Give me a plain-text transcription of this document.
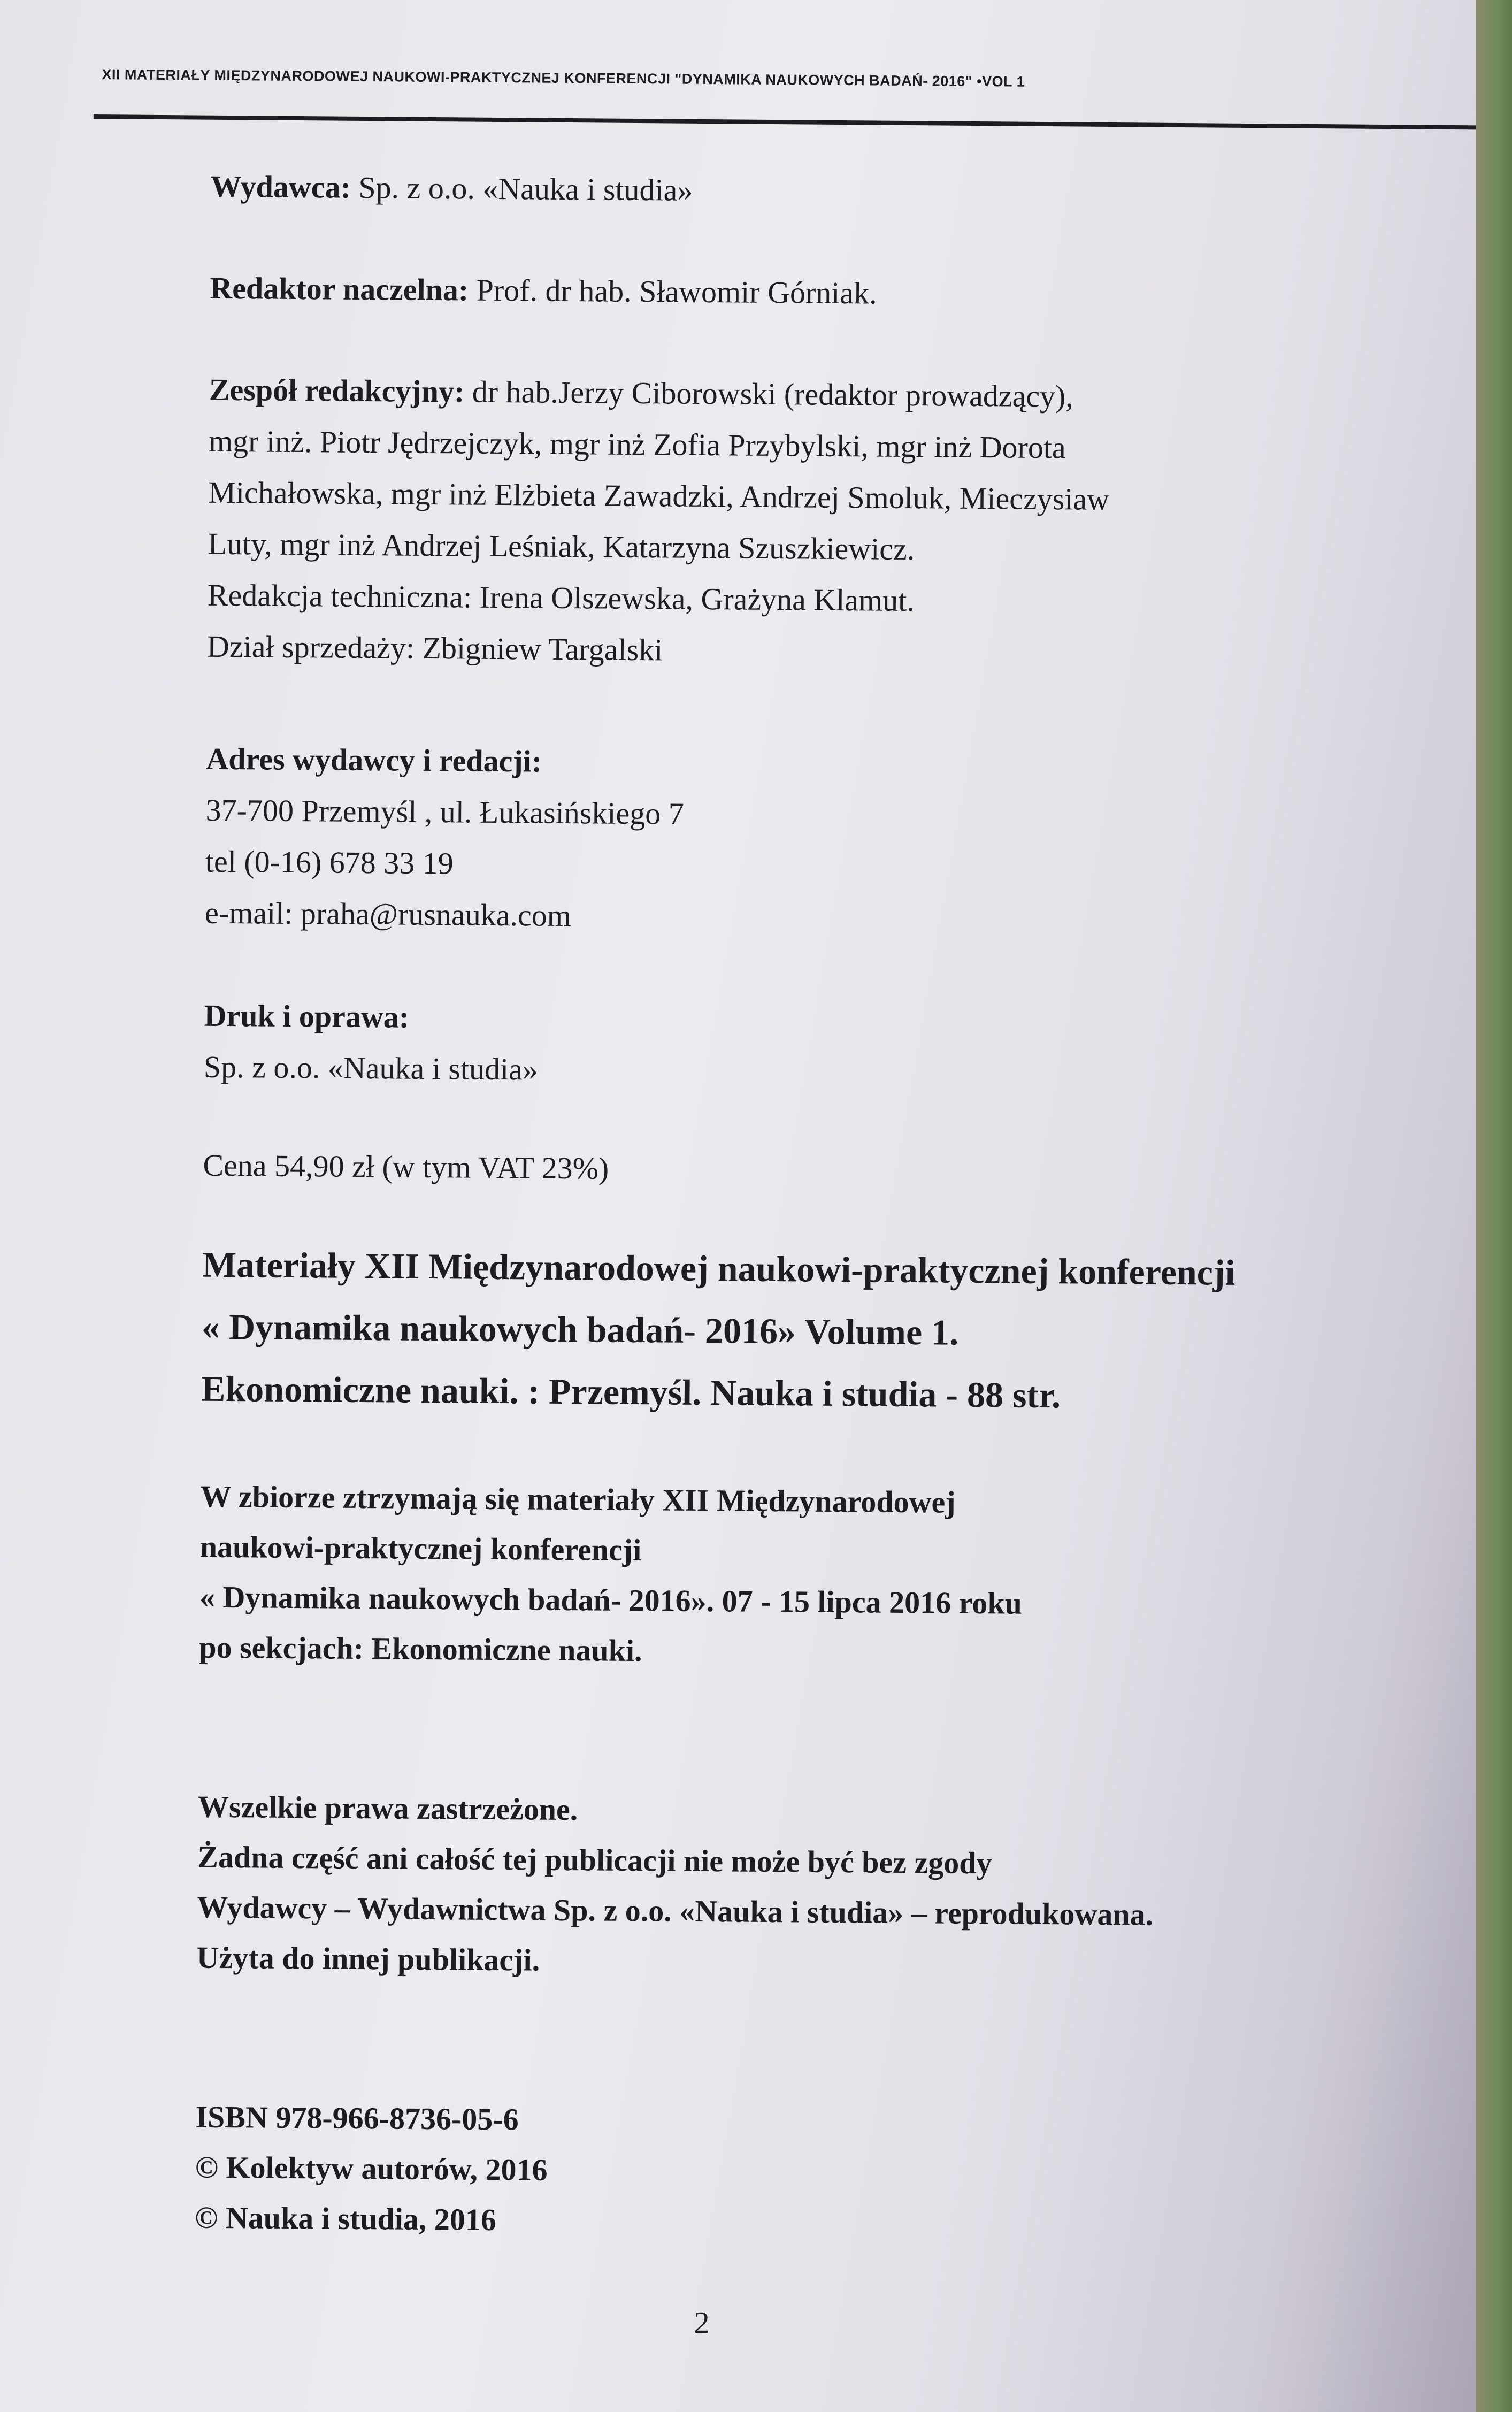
XII MATERIAŁY MIĘDZYNARODOWEJ NAUKOWI-PRAKTYCZNEJ KONFERENCJI "DYNAMIKA NAUKOWYCH BADAŃ- 2016" •VOL 1
Wydawca: Sp. z o.o. «Nauka i studia»
Redaktor naczelna: Prof. dr hab. Sławomir Górniak.
Zespół redakcyjny: dr hab.Jerzy Ciborowski (redaktor prowadzący),
mgr inż. Piotr Jędrzejczyk, mgr inż Zofia Przybylski, mgr inż Dorota
Michałowska, mgr inż Elżbieta Zawadzki, Andrzej Smoluk, Mieczysiaw
Luty, mgr inż Andrzej Leśniak, Katarzyna Szuszkiewicz.
Redakcja techniczna: Irena Olszewska, Grażyna Klamut.
Dział sprzedaży: Zbigniew Targalski
Adres wydawcy i redacji:
37-700 Przemyśl , ul. Łukasińskiego 7
tel (0-16) 678 33 19
e-mail: praha@rusnauka.com
Druk i oprawa:
Sp. z o.o. «Nauka i studia»
Cena 54,90 zł (w tym VAT 23%)
Materiały XII Międzynarodowej naukowi-praktycznej konferencji
« Dynamika naukowych badań- 2016» Volume 1.
Ekonomiczne nauki. : Przemyśl. Nauka i studia - 88 str.
W zbiorze ztrzymają się materiały XII Międzynarodowej
naukowi-praktycznej konferencji
« Dynamika naukowych badań- 2016». 07 - 15 lipca 2016 roku
po sekcjach: Ekonomiczne nauki.
Wszelkie prawa zastrzeżone.
Żadna część ani całość tej publicacji nie może być bez zgody
Wydawcy – Wydawnictwa Sp. z o.o. «Nauka i studia» – reprodukowana.
Użyta do innej publikacji.
ISBN 978-966-8736-05-6
© Kolektyw autorów, 2016
© Nauka i studia, 2016
2
